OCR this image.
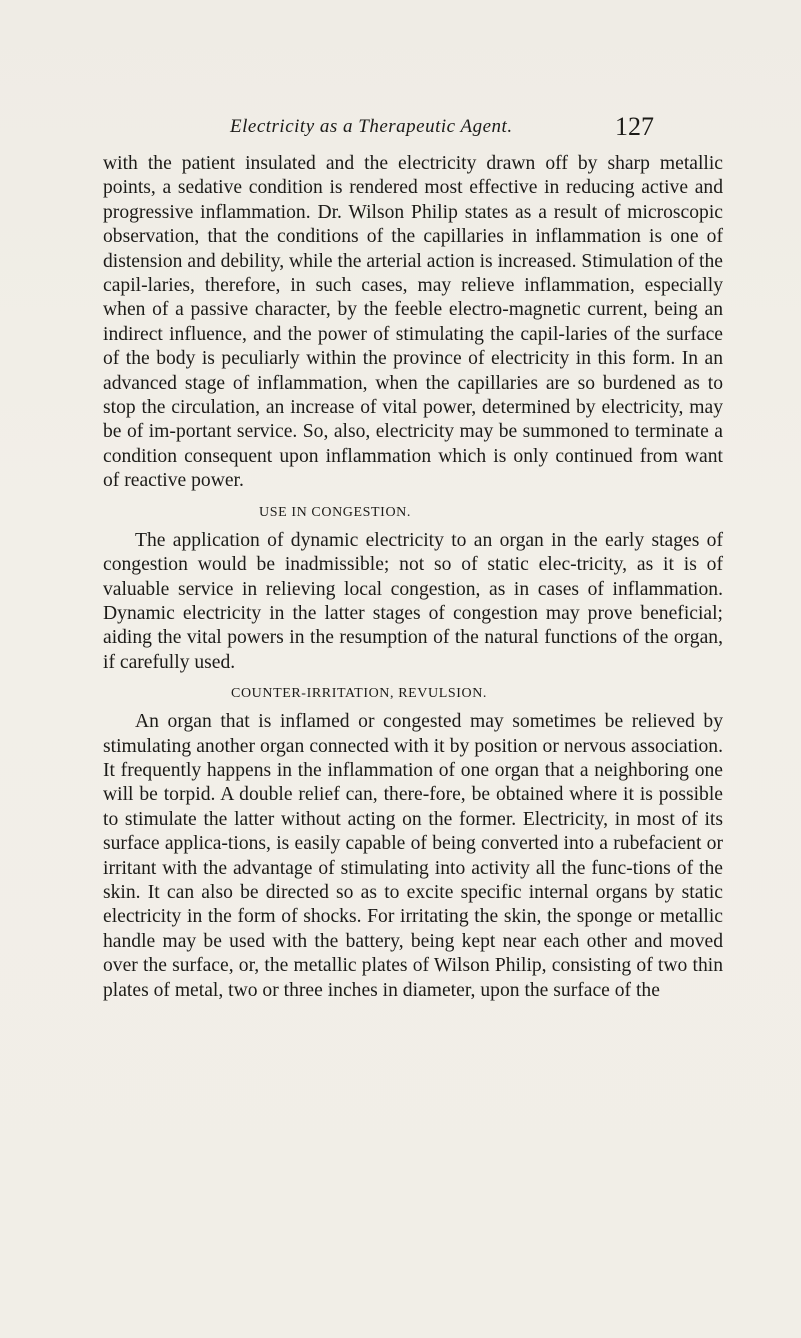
Electricity as a Therapeutic Agent.	127

with the patient insulated and the electricity drawn off by sharp metallic points, a sedative condition is rendered most effective in reducing active and progressive inflammation. Dr. Wilson Philip states as a result of microscopic observation, that the conditions of the capillaries in inflammation is one of distension and debility, while the arterial action is increased. Stimulation of the capil-laries, therefore, in such cases, may relieve inflammation, especially when of a passive character, by the feeble electro-magnetic current, being an indirect influence, and the power of stimulating the capil-laries of the surface of the body is peculiarly within the province of electricity in this form. In an advanced stage of inflammation, when the capillaries are so burdened as to stop the circulation, an increase of vital power, determined by electricity, may be of im-portant service. So, also, electricity may be summoned to terminate a condition consequent upon inflammation which is only continued from want of reactive power.

USE IN CONGESTION.

The application of dynamic electricity to an organ in the early stages of congestion would be inadmissible; not so of static elec-tricity, as it is of valuable service in relieving local congestion, as in cases of inflammation. Dynamic electricity in the latter stages of congestion may prove beneficial; aiding the vital powers in the resumption of the natural functions of the organ, if carefully used.

COUNTER-IRRITATION, REVULSION.

An organ that is inflamed or congested may sometimes be relieved by stimulating another organ connected with it by position or nervous association. It frequently happens in the inflammation of one organ that a neighboring one will be torpid. A double relief can, there-fore, be obtained where it is possible to stimulate the latter without acting on the former. Electricity, in most of its surface applica-tions, is easily capable of being converted into a rubefacient or irritant with the advantage of stimulating into activity all the func-tions of the skin. It can also be directed so as to excite specific internal organs by static electricity in the form of shocks. For irritating the skin, the sponge or metallic handle may be used with the battery, being kept near each other and moved over the surface, or, the metallic plates of Wilson Philip, consisting of two thin plates of metal, two or three inches in diameter, upon the surface of the
